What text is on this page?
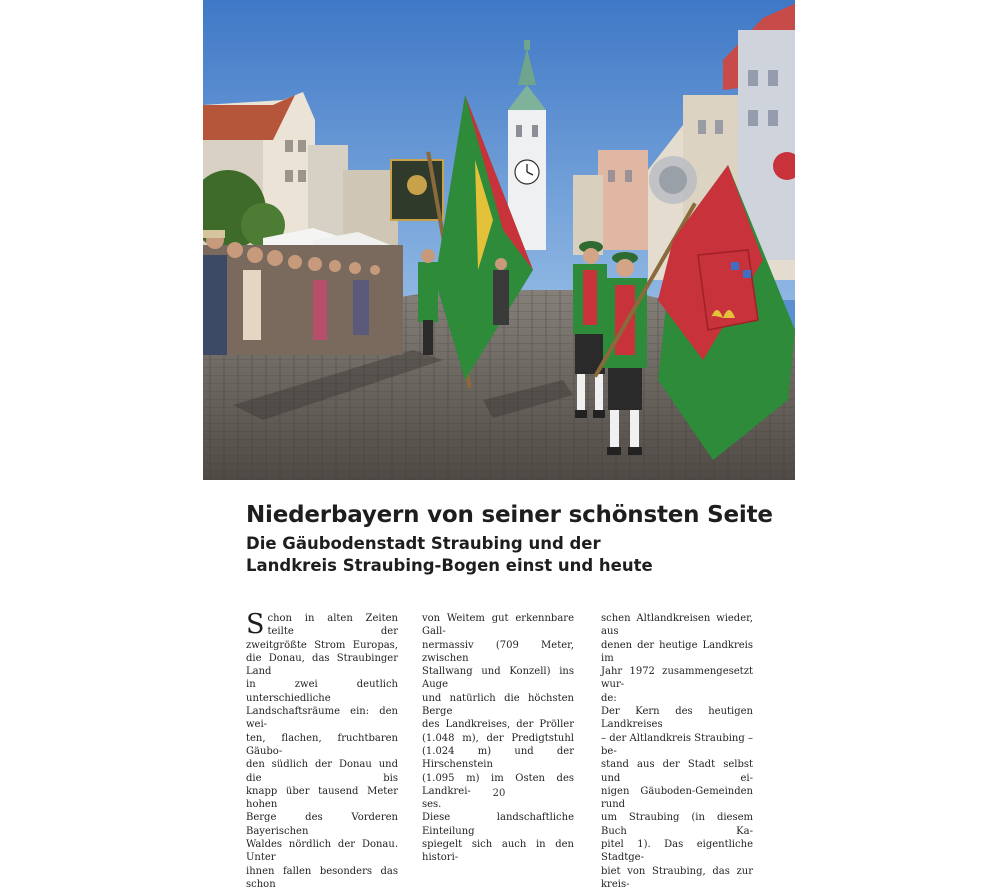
Niederbayern von seiner schönsten Seite
Die Gäubodenstadt Straubing und der
Landkreis Straubing-Bogen einst und heute
S chon in alten Zeiten teilte der
zweitgrößte Strom Europas,
die Donau, das Straubinger Land
in zwei deutlich unterschiedliche
Landschaftsräume ein: den wei-
ten, flachen, fruchtbaren Gäubo-
den südlich der Donau und die bis
knapp über tausend Meter hohen
Berge des Vorderen Bayerischen
Waldes nördlich der Donau. Unter
ihnen fallen besonders das schon
von Weitem gut erkennbare Gall-
nermassiv (709 Meter, zwischen
Stallwang und Konzell) ins Auge
und natürlich die höchsten Berge
des Landkreises, der Pröller
(1.048 m), der Predigtstuhl
(1.024 m) und der Hirschenstein
(1.095 m) im Osten des Landkrei-
ses.
Diese landschaftliche Einteilung
spiegelt sich auch in den histori-
schen Altlandkreisen wieder, aus
denen der heutige Landkreis im
Jahr 1972 zusammengesetzt wur-
de:
Der Kern des heutigen Landkreises
– der Altlandkreis Straubing – be-
stand aus der Stadt selbst und ei-
nigen Gäuboden-Gemeinden rund
um Straubing (in diesem Buch Ka-
pitel 1). Das eigentliche Stadtge-
biet von Straubing, das zur kreis-
20
